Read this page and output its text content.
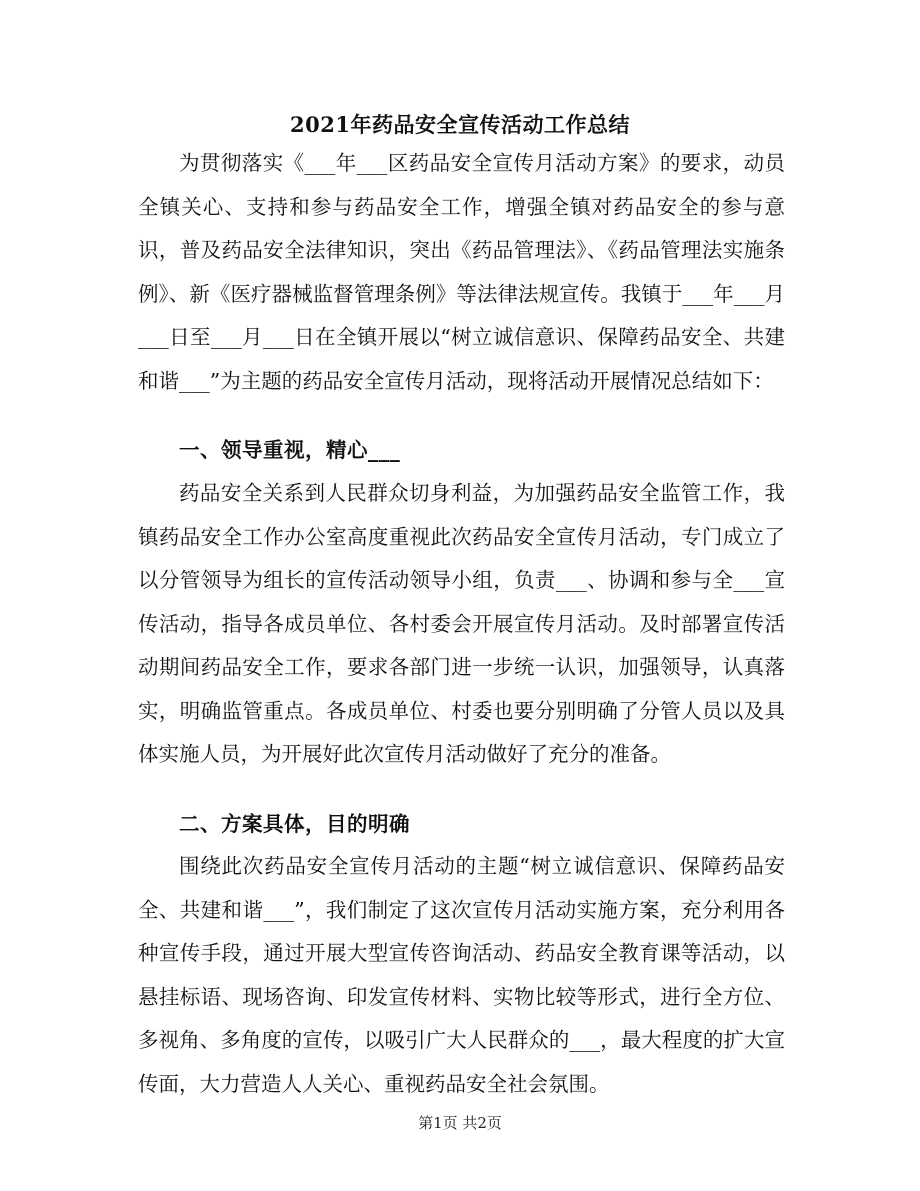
2021年药品安全宣传活动工作总结

为贯彻落实《___年___区药品安全宣传月活动方案》的要求，动员全镇关心、支持和参与药品安全工作，增强全镇对药品安全的参与意识，普及药品安全法律知识，突出《药品管理法》、《药品管理法实施条例》、新《医疗器械监督管理条例》等法律法规宣传。我镇于___年___月___日至___月___日在全镇开展以“树立诚信意识、保障药品安全、共建和谐___”为主题的药品安全宣传月活动，现将活动开展情况总结如下：

一、领导重视，精心___

药品安全关系到人民群众切身利益，为加强药品安全监管工作，我镇药品安全工作办公室高度重视此次药品安全宣传月活动，专门成立了以分管领导为组长的宣传活动领导小组，负责___、协调和参与全___宣传活动，指导各成员单位、各村委会开展宣传月活动。及时部署宣传活动期间药品安全工作，要求各部门进一步统一认识，加强领导，认真落实，明确监管重点。各成员单位、村委也要分别明确了分管人员以及具体实施人员，为开展好此次宣传月活动做好了充分的准备。

二、方案具体，目的明确

围绕此次药品安全宣传月活动的主题“树立诚信意识、保障药品安全、共建和谐___”，我们制定了这次宣传月活动实施方案，充分利用各种宣传手段，通过开展大型宣传咨询活动、药品安全教育课等活动，以悬挂标语、现场咨询、印发宣传材料、实物比较等形式，进行全方位、多视角、多角度的宣传，以吸引广大人民群众的___，最大程度的扩大宣传面，大力营造人人关心、重视药品安全社会氛围。

第1页 共2页
